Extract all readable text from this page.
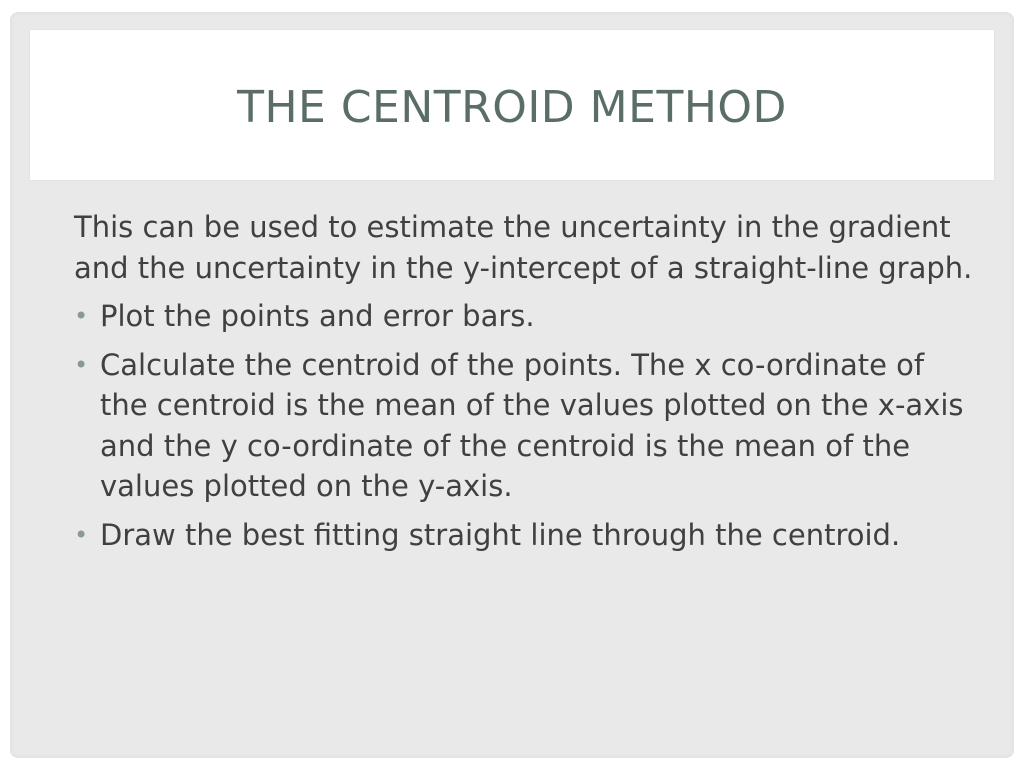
THE CENTROID METHOD

This can be used to estimate the uncertainty in the gradient and the uncertainty in the y-intercept of a straight-line graph.

• Plot the points and error bars.
• Calculate the centroid of the points. The x co-ordinate of the centroid is the mean of the values plotted on the x-axis and the y co-ordinate of the centroid is the mean of the values plotted on the y-axis.
• Draw the best fitting straight line through the centroid.
